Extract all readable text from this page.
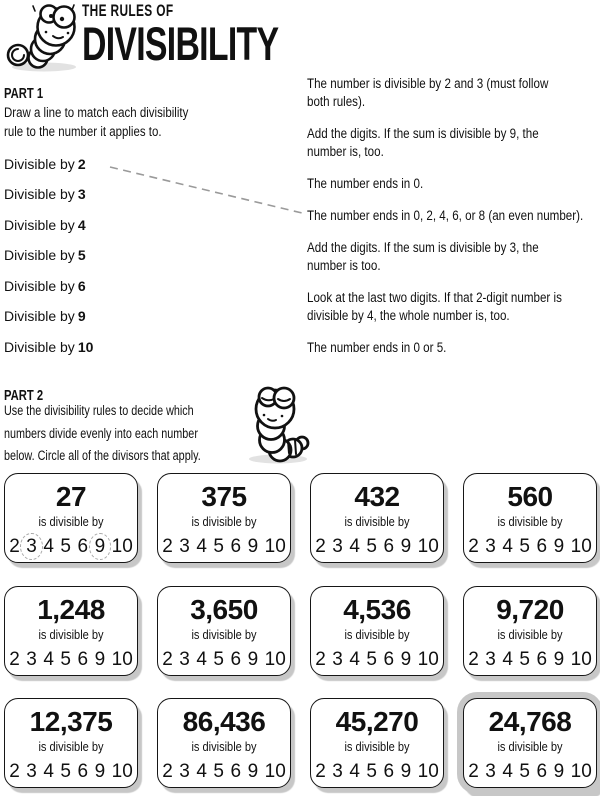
THE RULES OF
DIVISIBILITY
PART 1
Draw a line to match each divisibility
rule to the number it applies to.
Divisible by 2
Divisible by 3
Divisible by 4
Divisible by 5
Divisible by 6
Divisible by 9
Divisible by 10
The number is divisible by 2 and 3 (must follow
both rules).
Add the digits. If the sum is divisible by 9, the
number is, too.
The number ends in 0.
The number ends in 0, 2, 4, 6, or 8 (an even number).
Add the digits. If the sum is divisible by 3, the
number is too.
Look at the last two digits. If that 2-digit number is
divisible by 4, the whole number is, too.
The number ends in 0 or 5.
PART 2
Use the divisibility rules to decide which
numbers divide evenly into each number
below. Circle all of the divisors that apply.
27
is divisible by
2 3 4 5 6 9 10
375
is divisible by
2 3 4 5 6 9 10
432
is divisible by
2 3 4 5 6 9 10
560
is divisible by
2 3 4 5 6 9 10
1,248
is divisible by
2 3 4 5 6 9 10
3,650
is divisible by
2 3 4 5 6 9 10
4,536
is divisible by
2 3 4 5 6 9 10
9,720
is divisible by
2 3 4 5 6 9 10
12,375
is divisible by
2 3 4 5 6 9 10
86,436
is divisible by
2 3 4 5 6 9 10
45,270
is divisible by
2 3 4 5 6 9 10
24,768
is divisible by
2 3 4 5 6 9 10
